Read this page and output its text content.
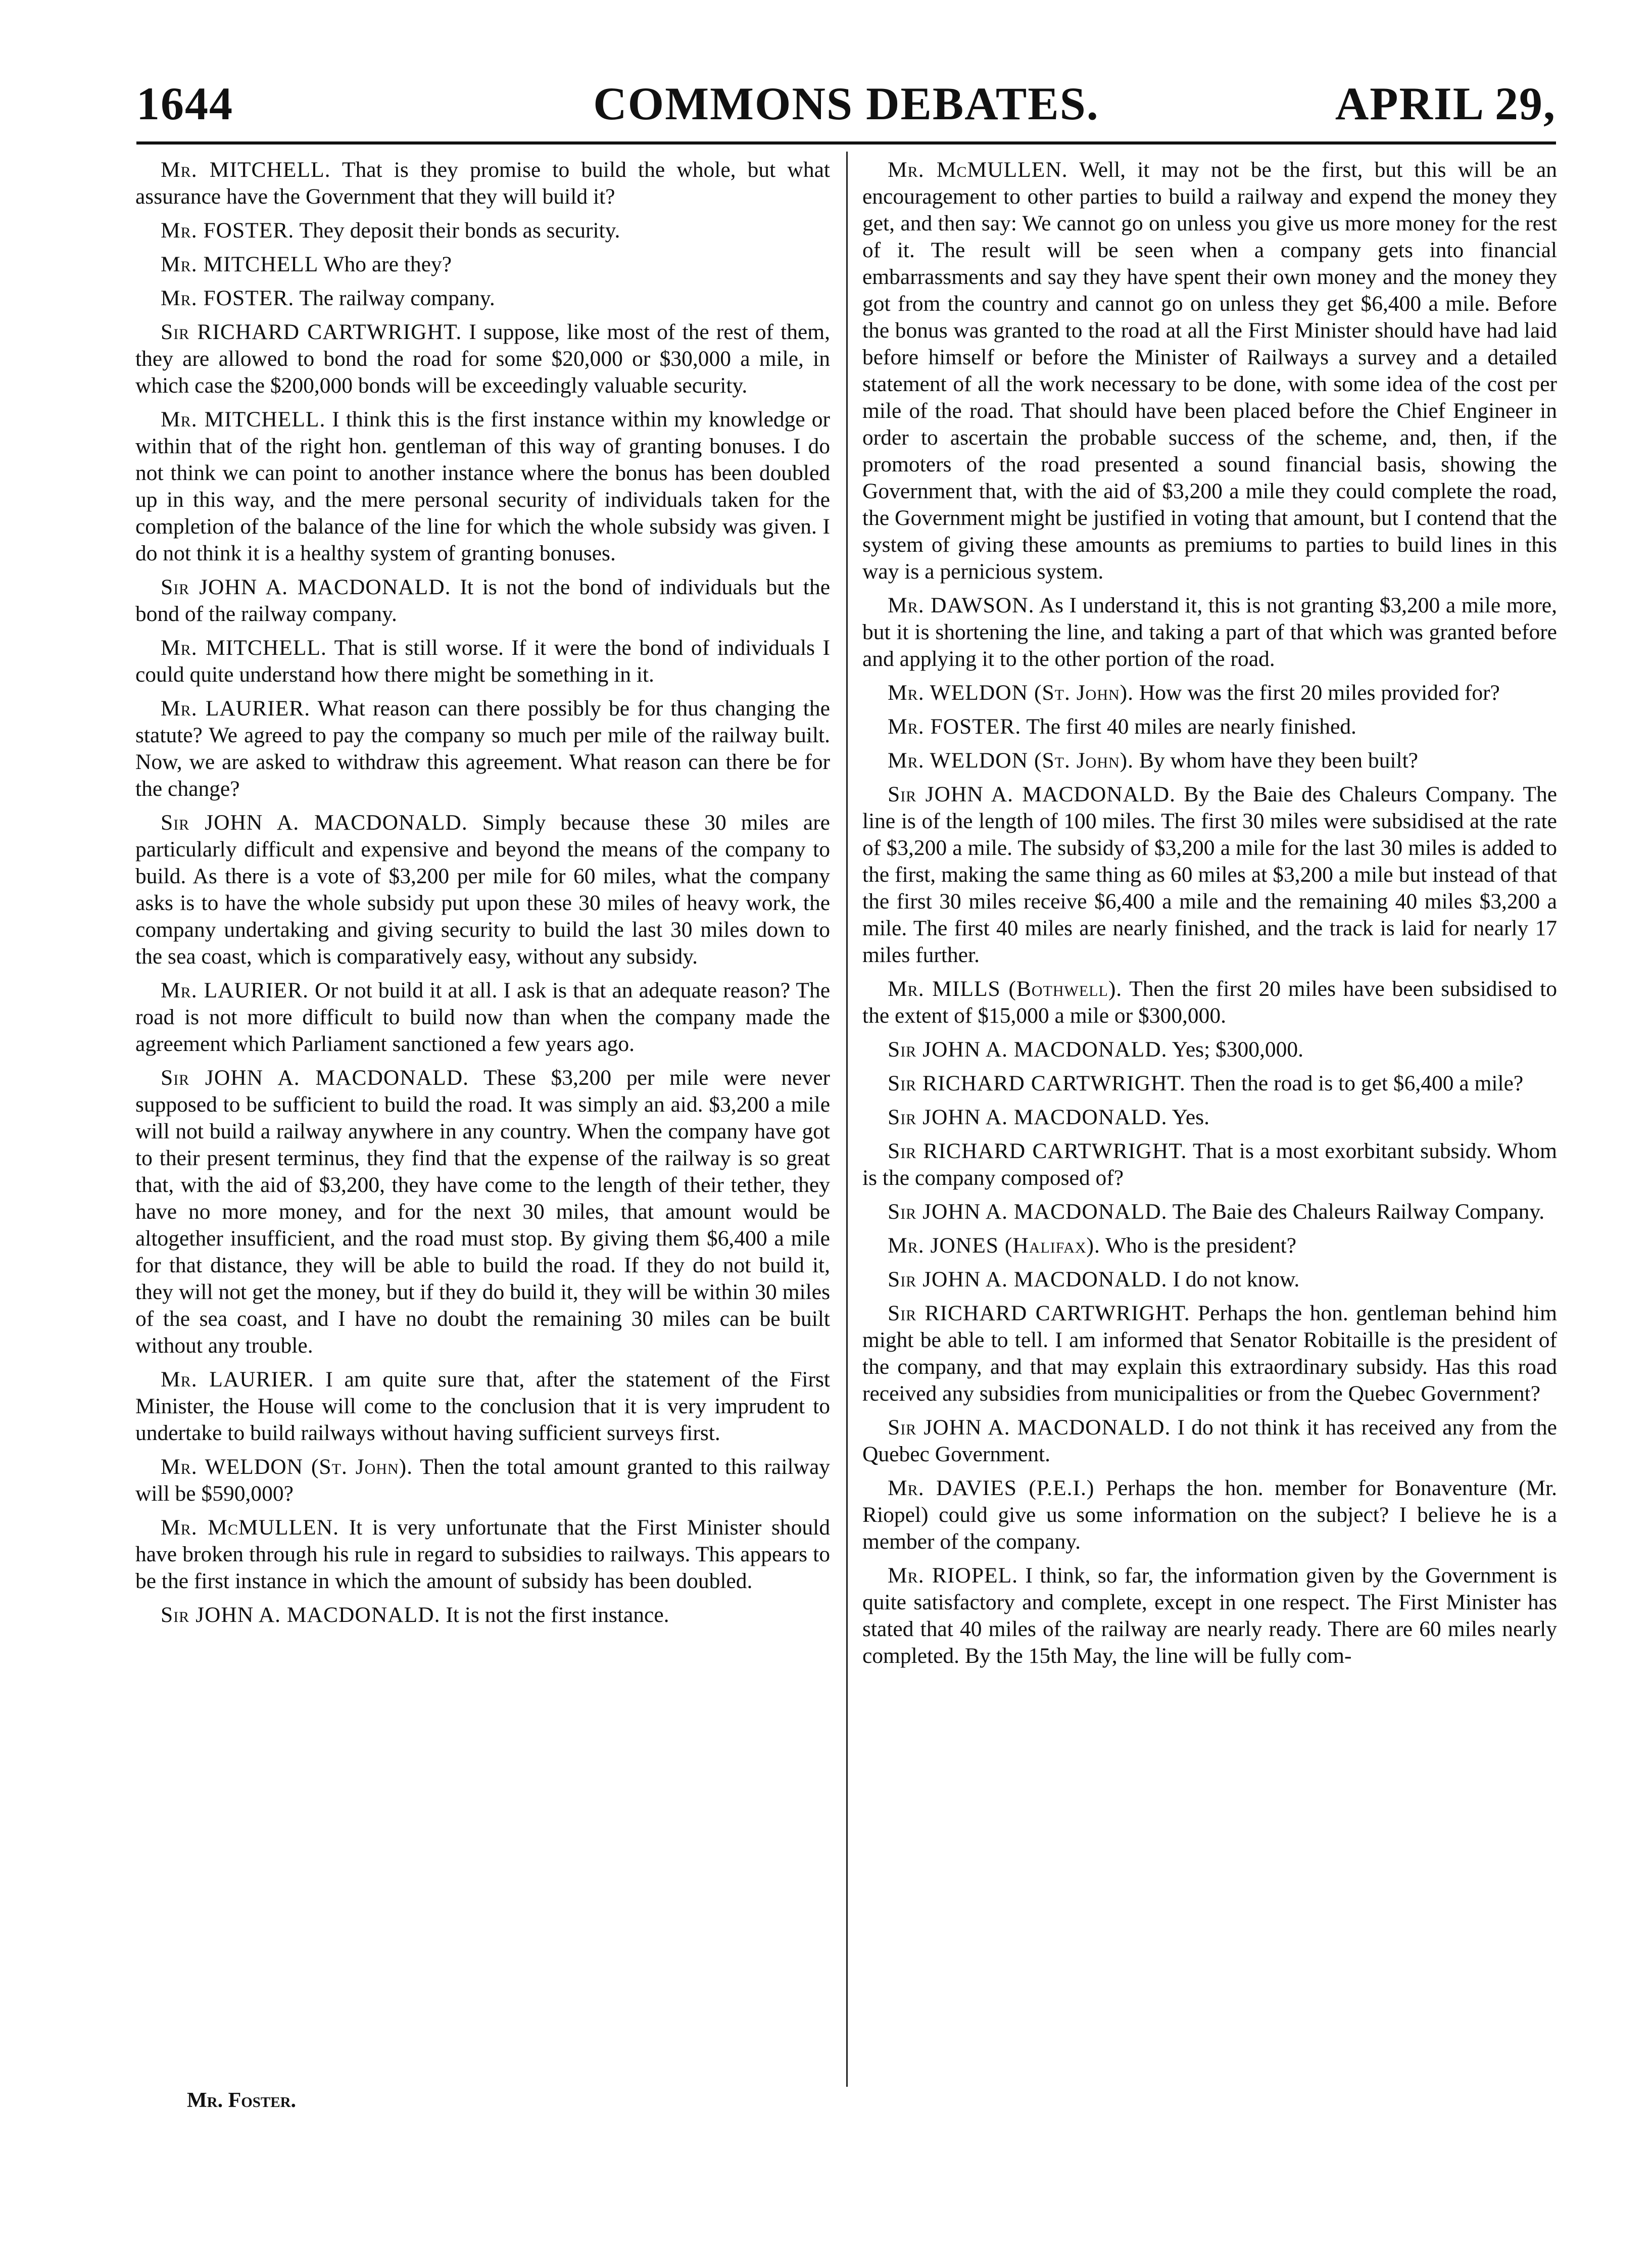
1644	COMMONS DEBATES.	APRIL 29,

Mr. MITCHELL. That is they promise to build the whole, but what assurance have the Government that they will build it?

Mr. FOSTER. They deposit their bonds as security.

Mr. MITCHELL Who are they?

Mr. FOSTER. The railway company.

Sir RICHARD CARTWRIGHT. I suppose, like most of the rest of them, they are allowed to bond the road for some $20,000 or $30,000 a mile, in which case the $200,000 bonds will be exceedingly valuable security.

Mr. MITCHELL. I think this is the first instance within my knowledge or within that of the right hon. gentleman of this way of granting bonuses. I do not think we can point to another instance where the bonus has been doubled up in this way, and the mere personal security of individuals taken for the completion of the balance of the line for which the whole subsidy was given. I do not think it is a healthy system of granting bonuses.

Sir JOHN A. MACDONALD. It is not the bond of individuals but the bond of the railway company.

Mr. MITCHELL. That is still worse. If it were the bond of individuals I could quite understand how there might be something in it.

Mr. LAURIER. What reason can there possibly be for thus changing the statute? We agreed to pay the company so much per mile of the railway built. Now, we are asked to withdraw this agreement. What reason can there be for the change?

Sir JOHN A. MACDONALD. Simply because these 30 miles are particularly difficult and expensive and beyond the means of the company to build. As there is a vote of $3,200 per mile for 60 miles, what the company asks is to have the whole subsidy put upon these 30 miles of heavy work, the company undertaking and giving security to build the last 30 miles down to the sea coast, which is comparatively easy, without any subsidy.

Mr. LAURIER. Or not build it at all. I ask is that an adequate reason? The road is not more difficult to build now than when the company made the agreement which Parliament sanctioned a few years ago.

Sir JOHN A. MACDONALD. These $3,200 per mile were never supposed to be sufficient to build the road. It was simply an aid. $3,200 a mile will not build a railway anywhere in any country. When the company have got to their present terminus, they find that the expense of the railway is so great that, with the aid of $3,200, they have come to the length of their tether, they have no more money, and for the next 30 miles, that amount would be altogether insufficient, and the road must stop. By giving them $6,400 a mile for that distance, they will be able to build the road. If they do not build it, they will not get the money, but if they do build it, they will be within 30 miles of the sea coast, and I have no doubt the remaining 30 miles can be built without any trouble.

Mr. LAURIER. I am quite sure that, after the statement of the First Minister, the House will come to the conclusion that it is very imprudent to undertake to build railways without having sufficient surveys first.

Mr. WELDON (St. John). Then the total amount granted to this railway will be $590,000?

Mr. McMULLEN. It is very unfortunate that the First Minister should have broken through his rule in regard to subsidies to railways. This appears to be the first instance in which the amount of subsidy has been doubled.

Sir JOHN A. MACDONALD. It is not the first instance.

Mr. McMULLEN. Well, it may not be the first, but this will be an encouragement to other parties to build a railway and expend the money they get, and then say: We cannot go on unless you give us more money for the rest of it. The result will be seen when a company gets into financial embarrassments and say they have spent their own money and the money they got from the country and cannot go on unless they get $6,400 a mile. Before the bonus was granted to the road at all the First Minister should have had laid before himself or before the Minister of Railways a survey and a detailed statement of all the work necessary to be done, with some idea of the cost per mile of the road. That should have been placed before the Chief Engineer in order to ascertain the probable success of the scheme, and, then, if the promoters of the road presented a sound financial basis, showing the Government that, with the aid of $3,200 a mile they could complete the road, the Government might be justified in voting that amount, but I contend that the system of giving these amounts as premiums to parties to build lines in this way is a pernicious system.

Mr. DAWSON. As I understand it, this is not granting $3,200 a mile more, but it is shortening the line, and taking a part of that which was granted before and applying it to the other portion of the road.

Mr. WELDON (St. John). How was the first 20 miles provided for?

Mr. FOSTER. The first 40 miles are nearly finished.

Mr. WELDON (St. John). By whom have they been built?

Sir JOHN A. MACDONALD. By the Baie des Chaleurs Company. The line is of the length of 100 miles. The first 30 miles were subsidised at the rate of $3,200 a mile. The subsidy of $3,200 a mile for the last 30 miles is added to the first, making the same thing as 60 miles at $3,200 a mile but instead of that the first 30 miles receive $6,400 a mile and the remaining 40 miles $3,200 a mile. The first 40 miles are nearly finished, and the track is laid for nearly 17 miles further.

Mr. MILLS (Bothwell). Then the first 20 miles have been subsidised to the extent of $15,000 a mile or $300,000.

Sir JOHN A. MACDONALD. Yes; $300,000.

Sir RICHARD CARTWRIGHT. Then the road is to get $6,400 a mile?

Sir JOHN A. MACDONALD. Yes.

Sir RICHARD CARTWRIGHT. That is a most exorbitant subsidy. Whom is the company composed of?

Sir JOHN A. MACDONALD. The Baie des Chaleurs Railway Company.

Mr. JONES (Halifax). Who is the president?

Sir JOHN A. MACDONALD. I do not know.

Sir RICHARD CARTWRIGHT. Perhaps the hon. gentleman behind him might be able to tell. I am informed that Senator Robitaille is the president of the company, and that may explain this extraordinary subsidy. Has this road received any subsidies from municipalities or from the Quebec Government?

Sir JOHN A. MACDONALD. I do not think it has received any from the Quebec Government.

Mr. DAVIES (P.E.I.) Perhaps the hon. member for Bonaventure (Mr. Riopel) could give us some information on the subject? I believe he is a member of the company.

Mr. RIOPEL. I think, so far, the information given by the Government is quite satisfactory and complete, except in one respect. The First Minister has stated that 40 miles of the railway are nearly ready. There are 60 miles nearly completed. By the 15th May, the line will be fully com-

Mr. Foster.
